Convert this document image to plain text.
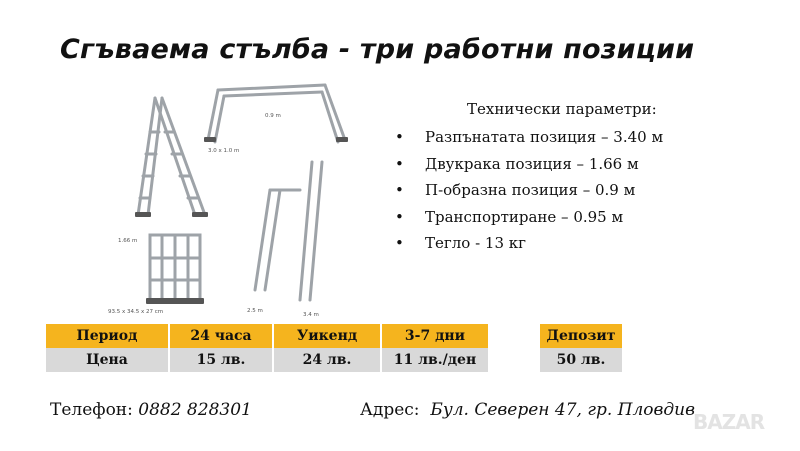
Сгъваема стълба - три работни позиции
1.66 m
93.5 x 34.5 x 27 cm
0.9 m
3.0 x 1.0 m
2.5 m
3.4 m
Технически параметри:
• Разпънатата позиция – 3.40 м
• Двукрака позиция – 1.66 м
• П-образна позиция – 0.9 м
• Транспортиране – 0.95 м
• Тегло - 13 кг
Период		24 часа		Уикенд		3-7 дни
Цена		15 лв.		24 лв.		11 лв./ден
Депозит
50 лв.
Телефон: 0882 828301	Адрес: Бул. Северен 47, гр. Пловдив
BAZAR
